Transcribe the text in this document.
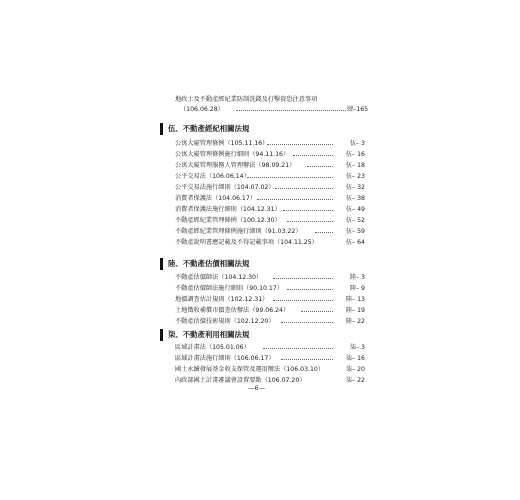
地政士及不動產經紀業防制洗錢及打擊資恐注意事項
（106.06.28）	肆–165
伍、不動產經紀相關法規
公寓大廈管理條例（105.11.16）	伍– 3
公寓大廈管理條例施行細則（94.11.16）	伍– 16
公寓大廈管理服務人管理辦法（98.09.21）	伍– 18
公平交易法（106.06.14）	伍– 23
公平交易法施行細則（104.07.02）	伍– 32
消費者保護法（104.06.17）	伍– 38
消費者保護法施行細則（104.12.31）	伍– 49
不動產經紀業管理條例（100.12.30）	伍– 52
不動產經紀業管理條例施行細則（91.03.22）	伍– 59
不動產說明書應記載及不得記載事項（104.11.25）	伍– 64
陸、不動產估價相關法規
不動產估價師法（104.12.30）	陸– 3
不動產估價師法施行細則（90.10.17）	陸– 9
地價調查估計規則（102.12.31）	陸– 13
土地徵收補償市價查估辦法（99.06.24）	陸– 19
不動產估價技術規則（102.12.20）	陸– 22
柒、不動產利用相關法規
區域計畫法（105.01.06）	柒– 3
區域計畫法施行細則（106.06.17）	柒– 16
國土永續發展基金收支保管及運用辦法（106.03.10）	柒– 20
內政部國土計畫審議會設置要點（106.07.20）	柒– 22
—6—
